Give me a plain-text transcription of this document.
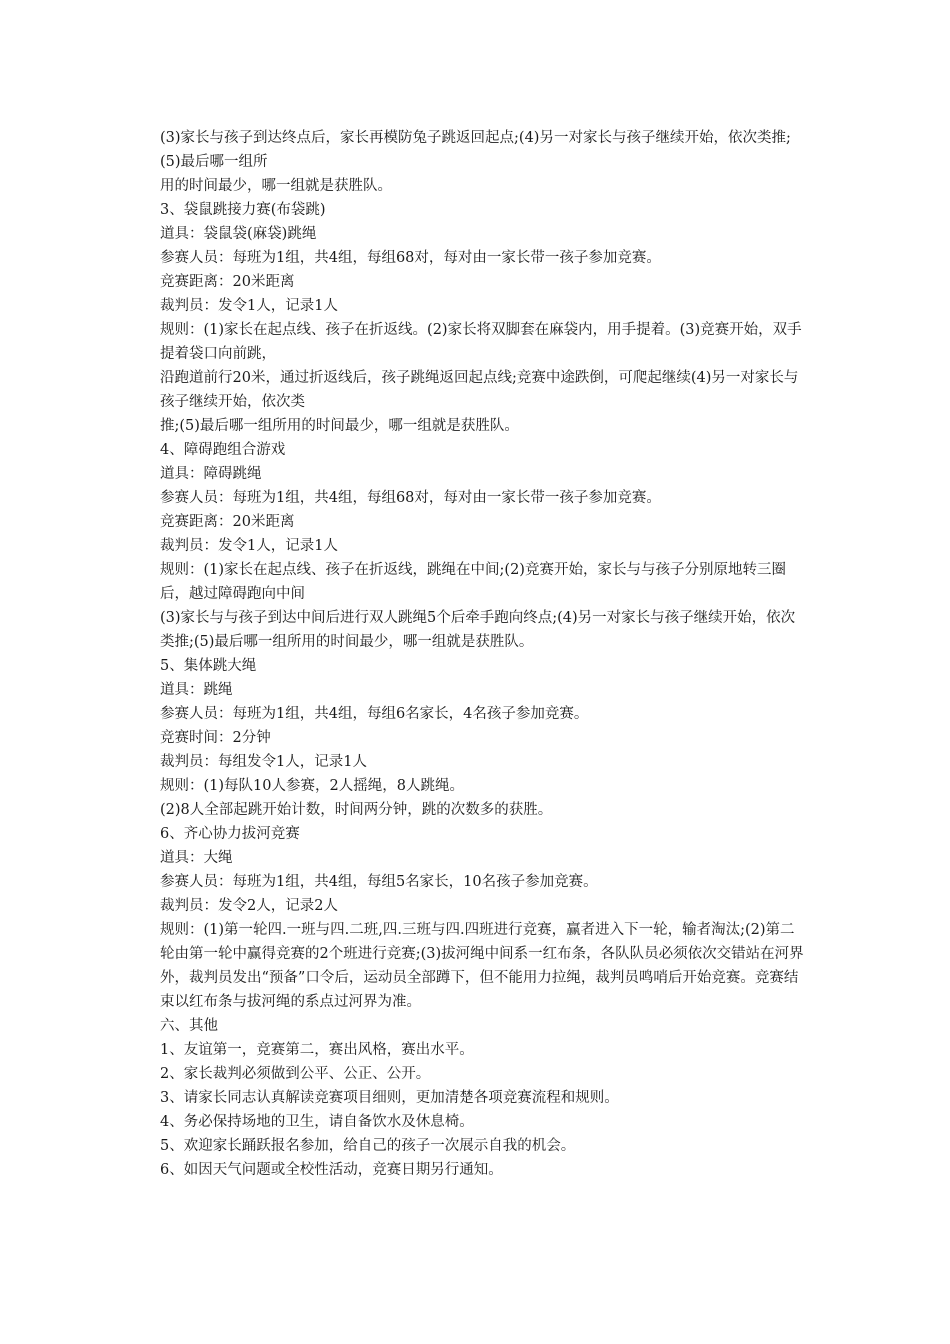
(3)家长与孩子到达终点后，家长再模防兔子跳返回起点;(4)另一对家长与孩子继续开始，依次类推;(5)最后哪一组所

用的时间最少，哪一组就是获胜队。

3、袋鼠跳接力赛(布袋跳)

道具：袋鼠袋(麻袋)跳绳

参赛人员：每班为1组，共4组，每组68对，每对由一家长带一孩子参加竞赛。

竞赛距离：20米距离

裁判员：发令1人，记录1人

规则：(1)家长在起点线、孩子在折返线。(2)家长将双脚套在麻袋内，用手提着。(3)竞赛开始，双手提着袋口向前跳，

沿跑道前行20米，通过折返线后，孩子跳绳返回起点线;竞赛中途跌倒，可爬起继续(4)另一对家长与孩子继续开始，依次类

推;(5)最后哪一组所用的时间最少，哪一组就是获胜队。

4、障碍跑组合游戏

道具：障碍跳绳

参赛人员：每班为1组，共4组，每组68对，每对由一家长带一孩子参加竞赛。

竞赛距离：20米距离

裁判员：发令1人，记录1人

规则：(1)家长在起点线、孩子在折返线，跳绳在中间;(2)竞赛开始，家长与与孩子分别原地转三圈后，越过障碍跑向中间

(3)家长与与孩子到达中间后进行双人跳绳5个后牵手跑向终点;(4)另一对家长与孩子继续开始，依次类推;(5)最后哪一组所用的时间最少，哪一组就是获胜队。

5、集体跳大绳

道具：跳绳

参赛人员：每班为1组，共4组，每组6名家长，4名孩子参加竞赛。

竞赛时间：2分钟

裁判员：每组发令1人，记录1人

规则：(1)每队10人参赛，2人摇绳，8人跳绳。

(2)8人全部起跳开始计数，时间两分钟，跳的次数多的获胜。

6、齐心协力拔河竞赛

道具：大绳

参赛人员：每班为1组，共4组，每组5名家长，10名孩子参加竞赛。

裁判员：发令2人，记录2人

规则：(1)第一轮四.一班与四.二班,四.三班与四.四班进行竞赛，赢者进入下一轮，输者淘汰;(2)第二轮由第一轮中赢得竞赛的2个班进行竞赛;(3)拔河绳中间系一红布条，各队队员必须依次交错站在河界外，裁判员发出“预备”口令后，运动员全部蹲下，但不能用力拉绳，裁判员鸣哨后开始竞赛。竞赛结束以红布条与拔河绳的系点过河界为准。

六、其他

1、友谊第一，竞赛第二，赛出风格，赛出水平。

2、家长裁判必须做到公平、公正、公开。

3、请家长同志认真解读竞赛项目细则，更加清楚各项竞赛流程和规则。

4、务必保持场地的卫生，请自备饮水及休息椅。

5、欢迎家长踊跃报名参加，给自己的孩子一次展示自我的机会。

6、如因天气问题或全校性活动，竞赛日期另行通知。
